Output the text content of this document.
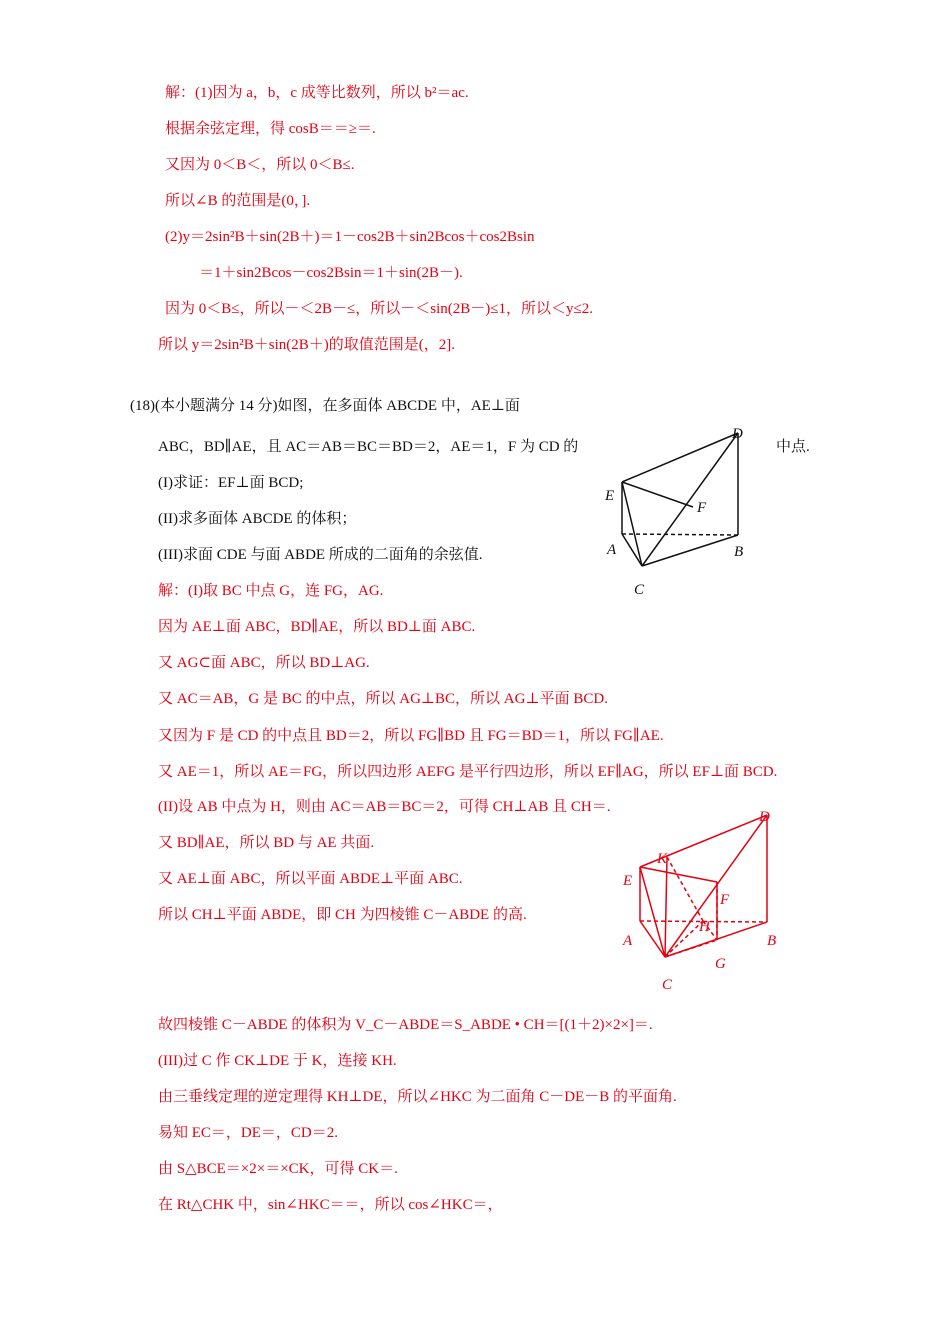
解：(1)因为 a，b，c 成等比数列，所以 b²＝ac.
根据余弦定理，得 cosB＝＝≥＝.
又因为 0＜B＜，所以 0＜B≤.
所以∠B 的范围是(0，].
(2)y＝2sin²B＋sin(2B＋)＝1－cos2B＋sin2Bcos＋cos2Bsin
＝1＋sin2Bcos－cos2Bsin＝1＋sin(2B－).
因为 0＜B≤，所以－＜2B－≤，所以－＜sin(2B－)≤1，所以＜y≤2.
所以 y＝2sin²B＋sin(2B＋)的取值范围是(，2].
(18)(本小题满分 14 分)如图，在多面体 ABCDE 中，AE⊥面
ABC，BD∥AE，且 AC＝AB＝BC＝BD＝2，AE＝1，F 为 CD 的	中点.
(I)求证：EF⊥面 BCD;
(II)求多面体 ABCDE 的体积；
(III)求面 CDE 与面 ABDE 所成的二面角的余弦值.
D
E
F
A	B
C
解：(I)取 BC 中点 G，连 FG，AG.
因为 AE⊥面 ABC，BD∥AE，所以 BD⊥面 ABC.
又 AG⊂面 ABC，所以 BD⊥AG.
又 AC＝AB，G 是 BC 的中点，所以 AG⊥BC，所以 AG⊥平面 BCD.
又因为 F 是 CD 的中点且 BD＝2，所以 FG∥BD 且 FG＝BD＝1，所以 FG∥AE.
又 AE＝1，所以 AE＝FG，所以四边形 AEFG 是平行四边形，所以 EF∥AG，所以 EF⊥面 BCD.
(II)设 AB 中点为 H，则由 AC＝AB＝BC＝2，可得 CH⊥AB 且 CH＝.
又 BD∥AE，所以 BD 与 AE 共面.
又 AE⊥面 ABC，所以平面 ABDE⊥平面 ABC.
所以 CH⊥平面 ABDE，即 CH 为四棱锥 C－ABDE 的高.
D
K
E
F
H
A	B
G
C
故四棱锥 C－ABDE 的体积为 V_C－ABDE＝S_ABDE • CH＝[(1＋2)×2×]＝.
(III)过 C 作 CK⊥DE 于 K，连接 KH.
由三垂线定理的逆定理得 KH⊥DE，所以∠HKC 为二面角 C－DE－B 的平面角.
易知 EC＝，DE＝，CD＝2.
由 S△BCE＝×2×＝×CK，可得 CK＝.
在 Rt△CHK 中，sin∠HKC＝＝，所以 cos∠HKC＝，
